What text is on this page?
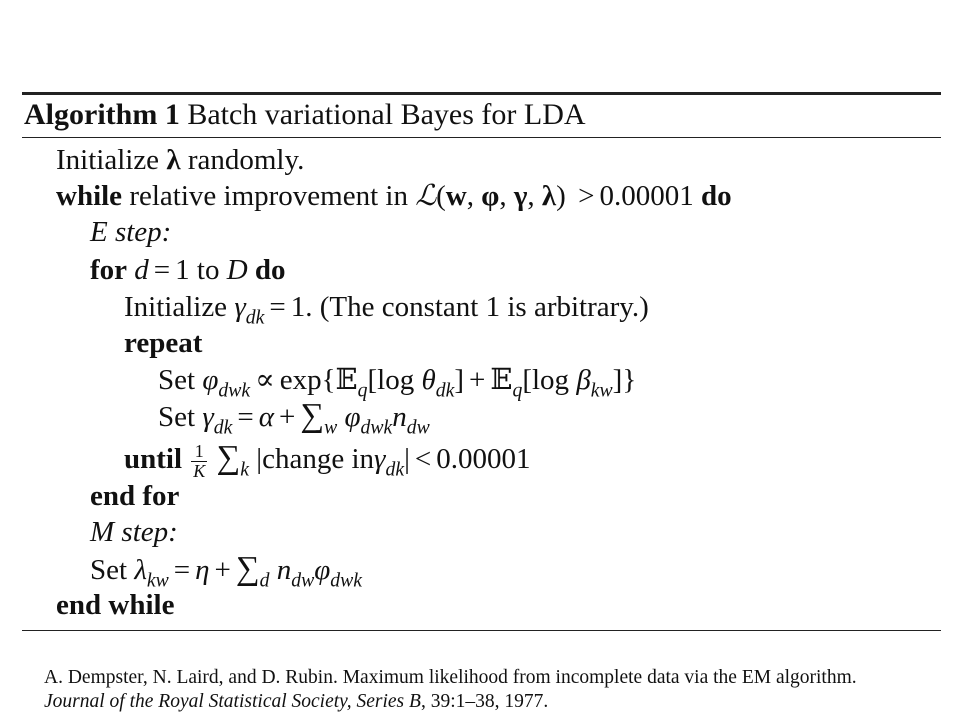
Algorithm 1 Batch variational Bayes for LDA
Initialize λ randomly.
while relative improvement in ℒ(w, φ, γ, λ) > 0.00001 do
E step:
for d = 1 to D do
Initialize $\gamma_{dk} = 1$. (The constant 1 is arbitrary.)
repeat
Set $\varphi_{dwk}$ ∝ exp{𝔼$_q$[log $\theta_{dk}$] + 𝔼$_q$[log $\beta_{kw}$]}
Set $\gamma_{dk} = \alpha + \sum_w$ $\varphi_{dwk}n_{dw}$
until $\frac{1}{K} \sum_k$ |change inγ$_{dk}$| < 0.00001
end for
M step:
Set $\lambda_{kw} = \eta + \sum_d$ $n_{dw}\varphi_{dwk}$
end while
A. Dempster, N. Laird, and D. Rubin. Maximum likelihood from incomplete data via the EM algorithm.
Journal of the Royal Statistical Society, Series B, 39:1–38, 1977.
